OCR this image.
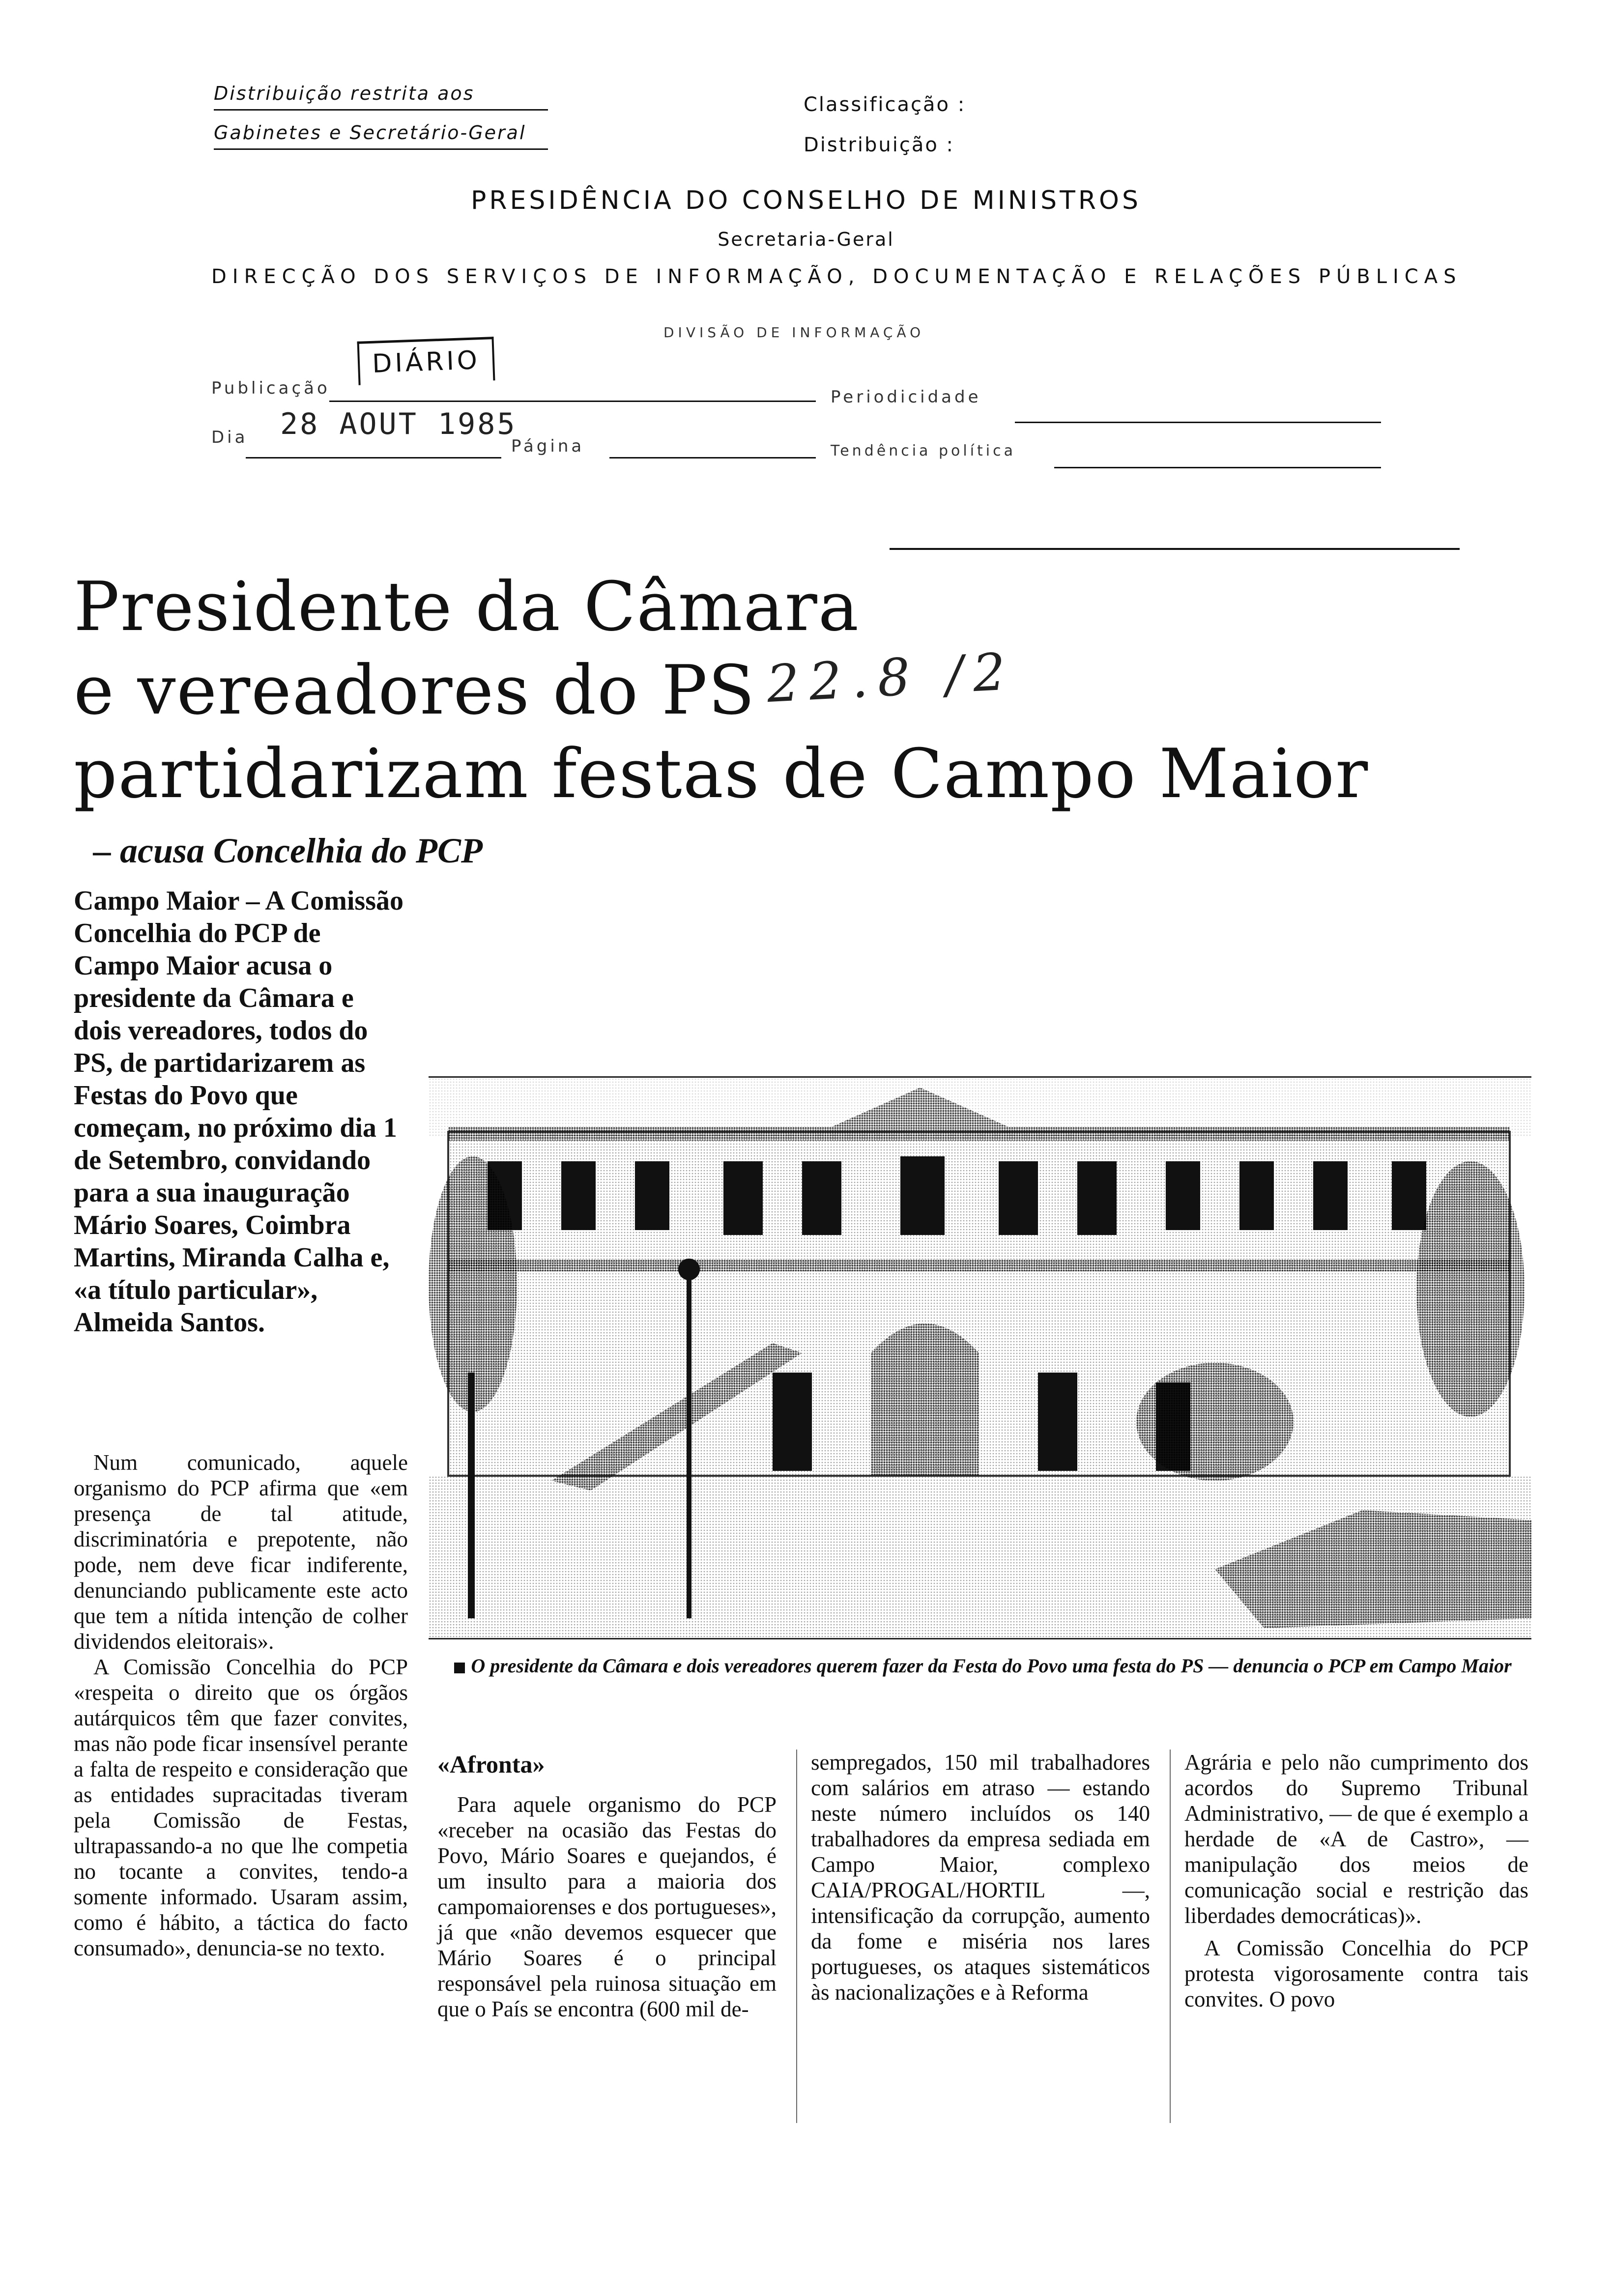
Distribuição restrita aos
Gabinetes e Secretário-Geral
Classificação :
Distribuição :
PRESIDÊNCIA DO CONSELHO DE MINISTROS
Secretaria-Geral
DIRECÇÃO DOS SERVIÇOS DE INFORMAÇÃO, DOCUMENTAÇÃO E RELAÇÕES PÚBLICAS
DIVISÃO DE INFORMAÇÃO
DIÁRIO
Publicação	Periodicidade
Dia 28 AOUT 1985
Página	Tendência política
Presidente da Câmara
e vereadores do PS 22.8 /2
partidarizam festas de Campo Maior
– acusa Concelhia do PCP
Campo Maior – A Comissão Concelhia do PCP de Campo Maior acusa o presidente da Câmara e dois vereadores, todos do PS, de partidarizarem as Festas do Povo que começam, no próximo dia 1 de Setembro, convidando para a sua inauguração Mário Soares, Coimbra Martins, Miranda Calha e, «a título particular», Almeida Santos.
O presidente da Câmara e dois vereadores querem fazer da Festa do Povo uma festa do PS — denuncia o PCP em Campo Maior

Num comunicado, aquele organismo do PCP afirma que «em presença de tal atitude, discriminatória e prepotente, não pode, nem deve ficar indiferente, denunciando publicamente este acto que tem a nítida intenção de colher dividendos eleitorais».

A Comissão Concelhia do PCP «respeita o direito que os órgãos autárquicos têm que fazer convites, mas não pode ficar insensível perante a falta de respeito e consideração que as entidades supracitadas tiveram pela Comissão de Festas, ultrapassando-a no que lhe competia no tocante a convites, tendo-a somente informado. Usaram assim, como é hábito, a táctica do facto consumado», denuncia-se no texto.

«Afronta»

Para aquele organismo do PCP «receber na ocasião das Festas do Povo, Mário Soares e quejandos, é um insulto para a maioria dos campomaiorenses e dos portugueses», já que «não devemos esquecer que Mário Soares é o principal responsável pela ruinosa situação em que o País se encontra (600 mil de-

sempregados, 150 mil trabalhadores com salários em atraso — estando neste número incluídos os 140 trabalhadores da empresa sediada em Campo Maior, complexo CAIA/PROGAL/HORTIL —, intensificação da corrupção, aumento da fome e miséria nos lares portugueses, os ataques sistemáticos às nacionalizações e à Reforma

Agrária e pelo não cumprimento dos acordos do Supremo Tribunal Administrativo, — de que é exemplo a herdade de «A de Castro», — manipulação dos meios de comunicação social e restrição das liberdades democráticas)».

A Comissão Concelhia do PCP protesta vigorosamente contra tais convites. O povo
